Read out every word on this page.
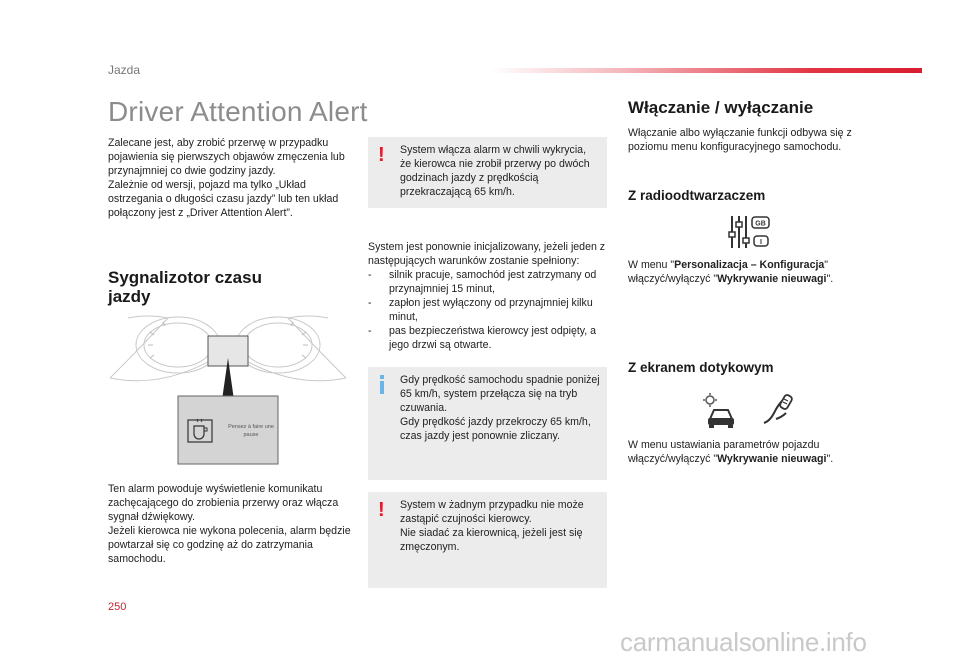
Jazda
Driver Attention Alert
Zalecane jest, aby zrobić przerwę w przypadku pojawienia się pierwszych objawów zmęczenia lub przynajmniej co dwie godziny jazdy.
Zależnie od wersji, pojazd ma tylko „Układ ostrzegania o długości czasu jazdy” lub ten układ połączony jest z „Driver Attention Alert”.
Sygnalizotor czasu jazdy
Pensez à faire une
pause
Ten alarm powoduje wyświetlenie komunikatu zachęcającego do zrobienia przerwy oraz włącza sygnał dźwiękowy.
Jeżeli kierowca nie wykona polecenia, alarm będzie powtarzał się co godzinę aż do zatrzymania samochodu.
! System włącza alarm w chwili wykrycia, że kierowca nie zrobił przerwy po dwóch godzinach jazdy z prędkością przekraczającą 65 km/h.
System jest ponownie inicjalizowany, jeżeli jeden z następujących warunków zostanie spełniony:
-	silnik pracuje, samochód jest zatrzymany od przynajmniej 15 minut,
-	zapłon jest wyłączony od przynajmniej kilku minut,
-	pas bezpieczeństwa kierowcy jest odpięty, a jego drzwi są otwarte.
Gdy prędkość samochodu spadnie poniżej 65 km/h, system przełącza się na tryb czuwania.
Gdy prędkość jazdy przekroczy 65 km/h, czas jazdy jest ponownie zliczany.
! System w żadnym przypadku nie może zastąpić czujności kierowcy.
Nie siadać za kierownicą, jeżeli jest się zmęczonym.
Włączanie / wyłączanie
Włączanie albo wyłączanie funkcji odbywa się z poziomu menu konfiguracyjnego samochodu.
Z radioodtwarzaczem
GB
I
W menu "Personalizacja – Konfiguracja" włączyć/wyłączyć "Wykrywanie nieuwagi".
Z ekranem dotykowym
W menu ustawiania parametrów pojazdu włączyć/wyłączyć "Wykrywanie nieuwagi".
250
carmanualsonline.info
